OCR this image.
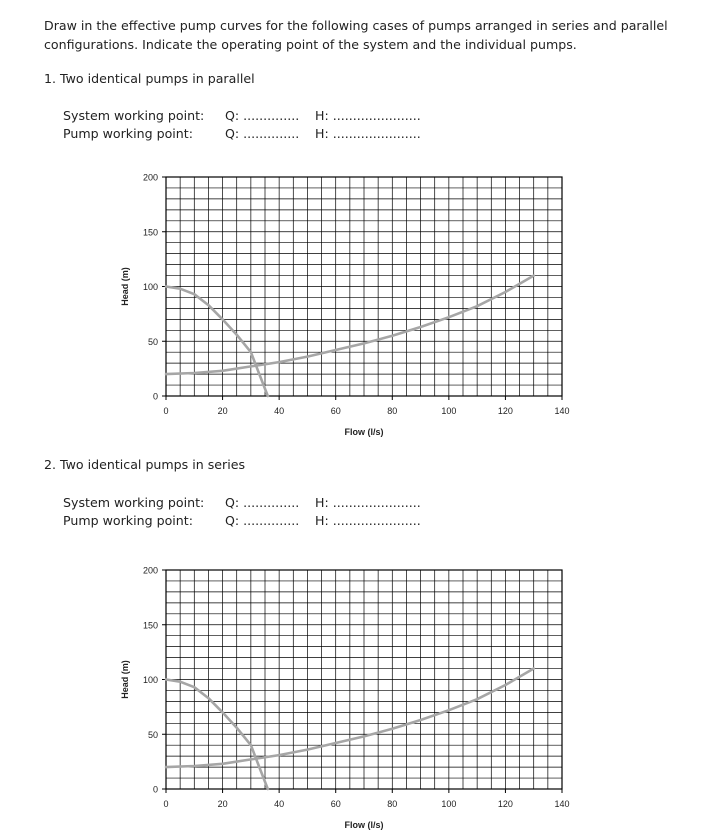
Draw in the effective pump curves for the following cases of pumps arranged in series and parallel configurations. Indicate the operating point of the system and the individual pumps.
1. Two identical pumps in parallel
System working point: Q: .............. H: ......................
Pump working point:	Q: .............. H: ......................
0
50
100
150
200
0	20	40	60	80	100	120	140
Flow (l/s)
Head (m)
2. Two identical pumps in series
System working point: Q: .............. H: ......................
Pump working point:	Q: .............. H: ......................
0
50
100
150
200
0	20	40	60	80	100	120	140
Flow (l/s)
Head (m)
